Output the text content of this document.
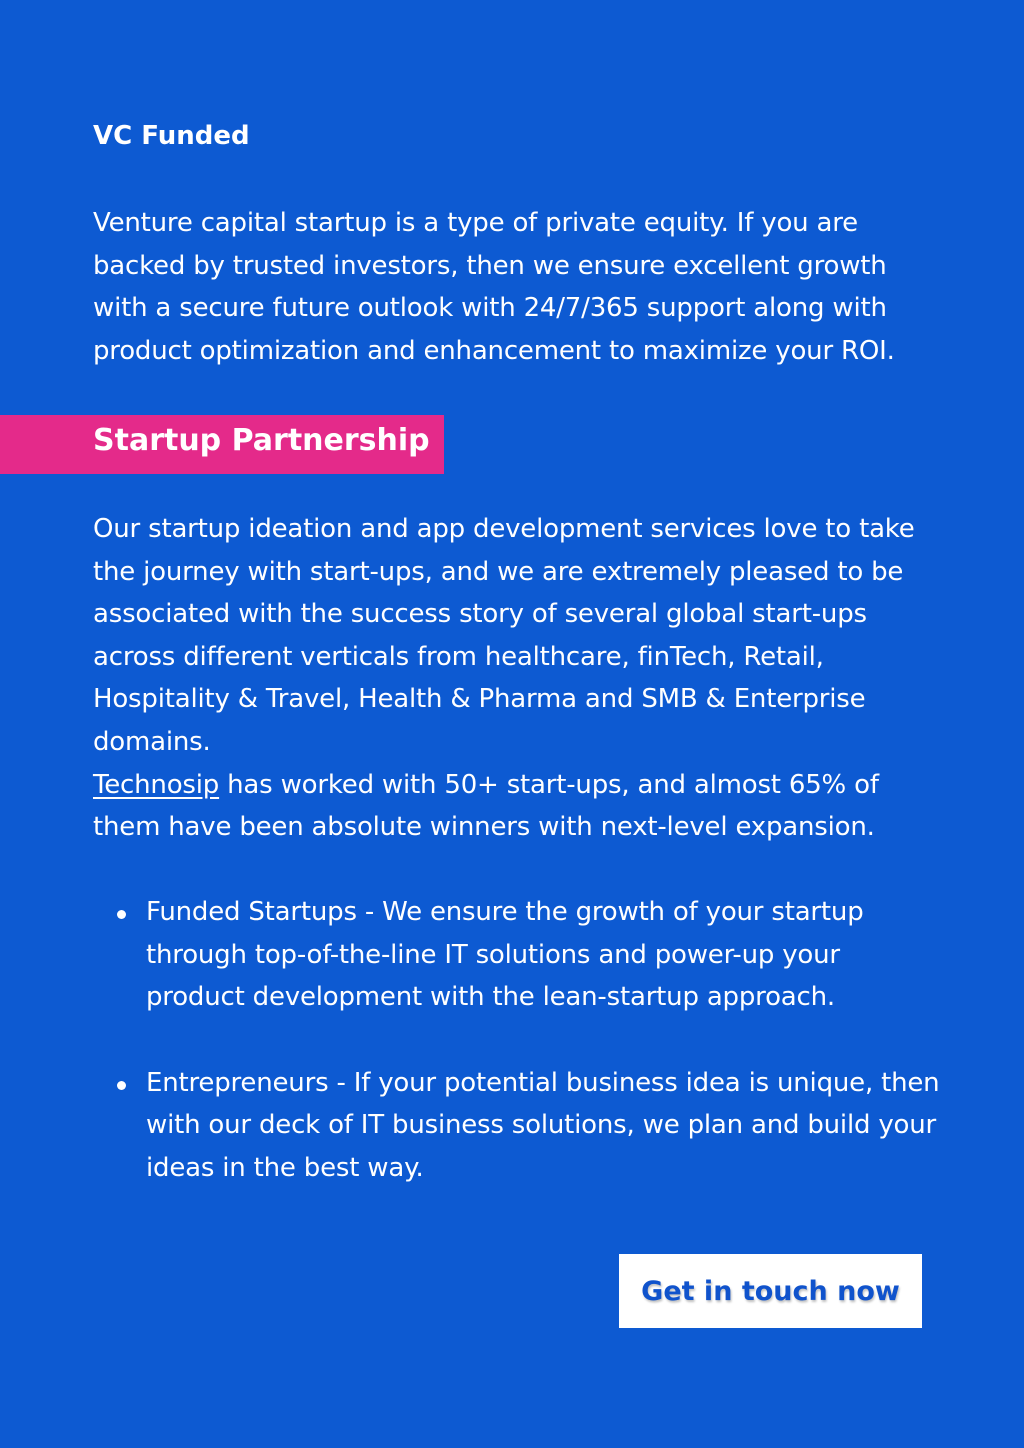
VC Funded

Venture capital startup is a type of private equity. If you are backed by trusted investors, then we ensure excellent growth with a secure future outlook with 24/7/365 support along with product optimization and enhancement to maximize your ROI.

Startup Partnership

Our startup ideation and app development services love to take the journey with start-ups, and we are extremely pleased to be associated with the success story of several global start-ups across different verticals from healthcare, finTech, Retail, Hospitality & Travel, Health & Pharma and SMB & Enterprise domains.

Technosip has worked with 50+ start-ups, and almost 65% of them have been absolute winners with next-level expansion.

Funded Startups - We ensure the growth of your startup through top-of-the-line IT solutions and power-up your product development with the lean-startup approach.

Entrepreneurs - If your potential business idea is unique, then with our deck of IT business solutions, we plan and build your ideas in the best way.

Get in touch now
